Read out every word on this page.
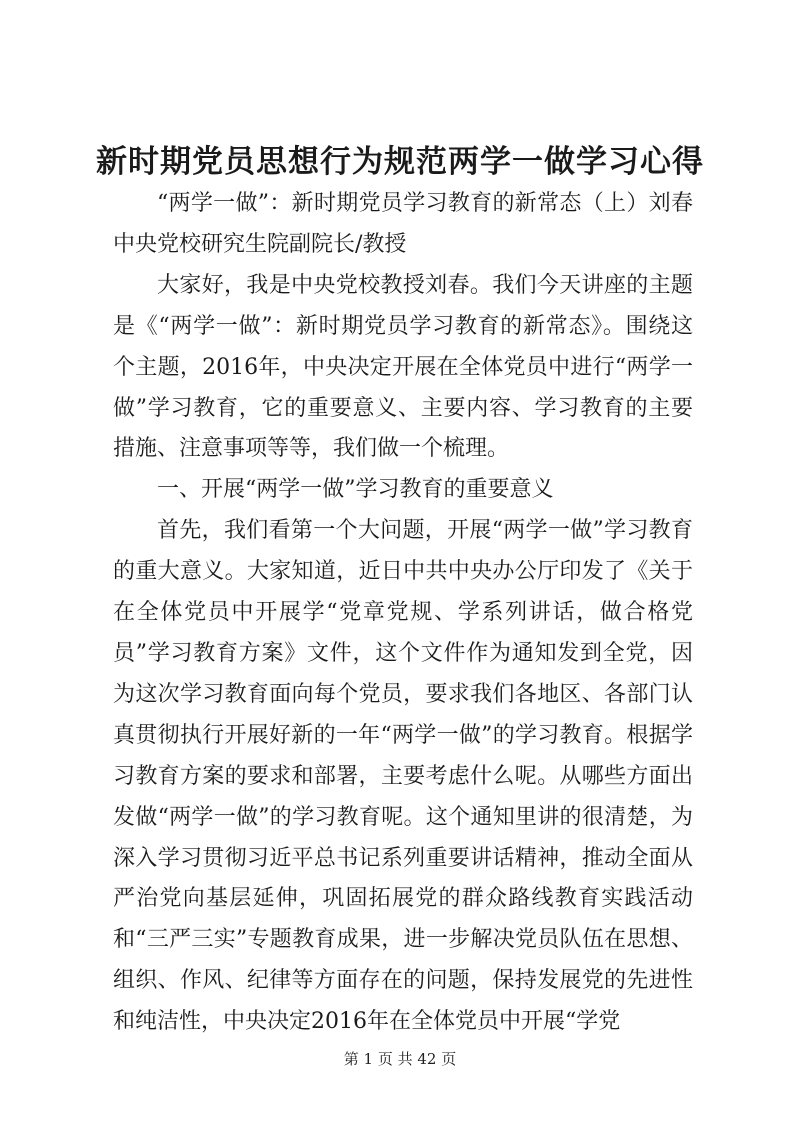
新时期党员思想行为规范两学一做学习心得

“两学一做”：新时期党员学习教育的新常态（上）刘春中央党校研究生院副院长/教授

大家好，我是中央党校教授刘春。我们今天讲座的主题是《“两学一做”：新时期党员学习教育的新常态》。围绕这个主题，2016年，中央决定开展在全体党员中进行“两学一做”学习教育，它的重要意义、主要内容、学习教育的主要措施、注意事项等等，我们做一个梳理。

一、开展“两学一做”学习教育的重要意义

首先，我们看第一个大问题，开展“两学一做”学习教育的重大意义。大家知道，近日中共中央办公厅印发了《关于在全体党员中开展学“党章党规、学系列讲话，做合格党员”学习教育方案》文件，这个文件作为通知发到全党，因为这次学习教育面向每个党员，要求我们各地区、各部门认真贯彻执行开展好新的一年“两学一做”的学习教育。根据学习教育方案的要求和部署，主要考虑什么呢。从哪些方面出发做“两学一做”的学习教育呢。这个通知里讲的很清楚，为深入学习贯彻习近平总书记系列重要讲话精神，推动全面从严治党向基层延伸，巩固拓展党的群众路线教育实践活动和“三严三实”专题教育成果，进一步解决党员队伍在思想、组织、作风、纪律等方面存在的问题，保持发展党的先进性和纯洁性，中央决定2016年在全体党员中开展“学党

第 1 页 共 42 页
